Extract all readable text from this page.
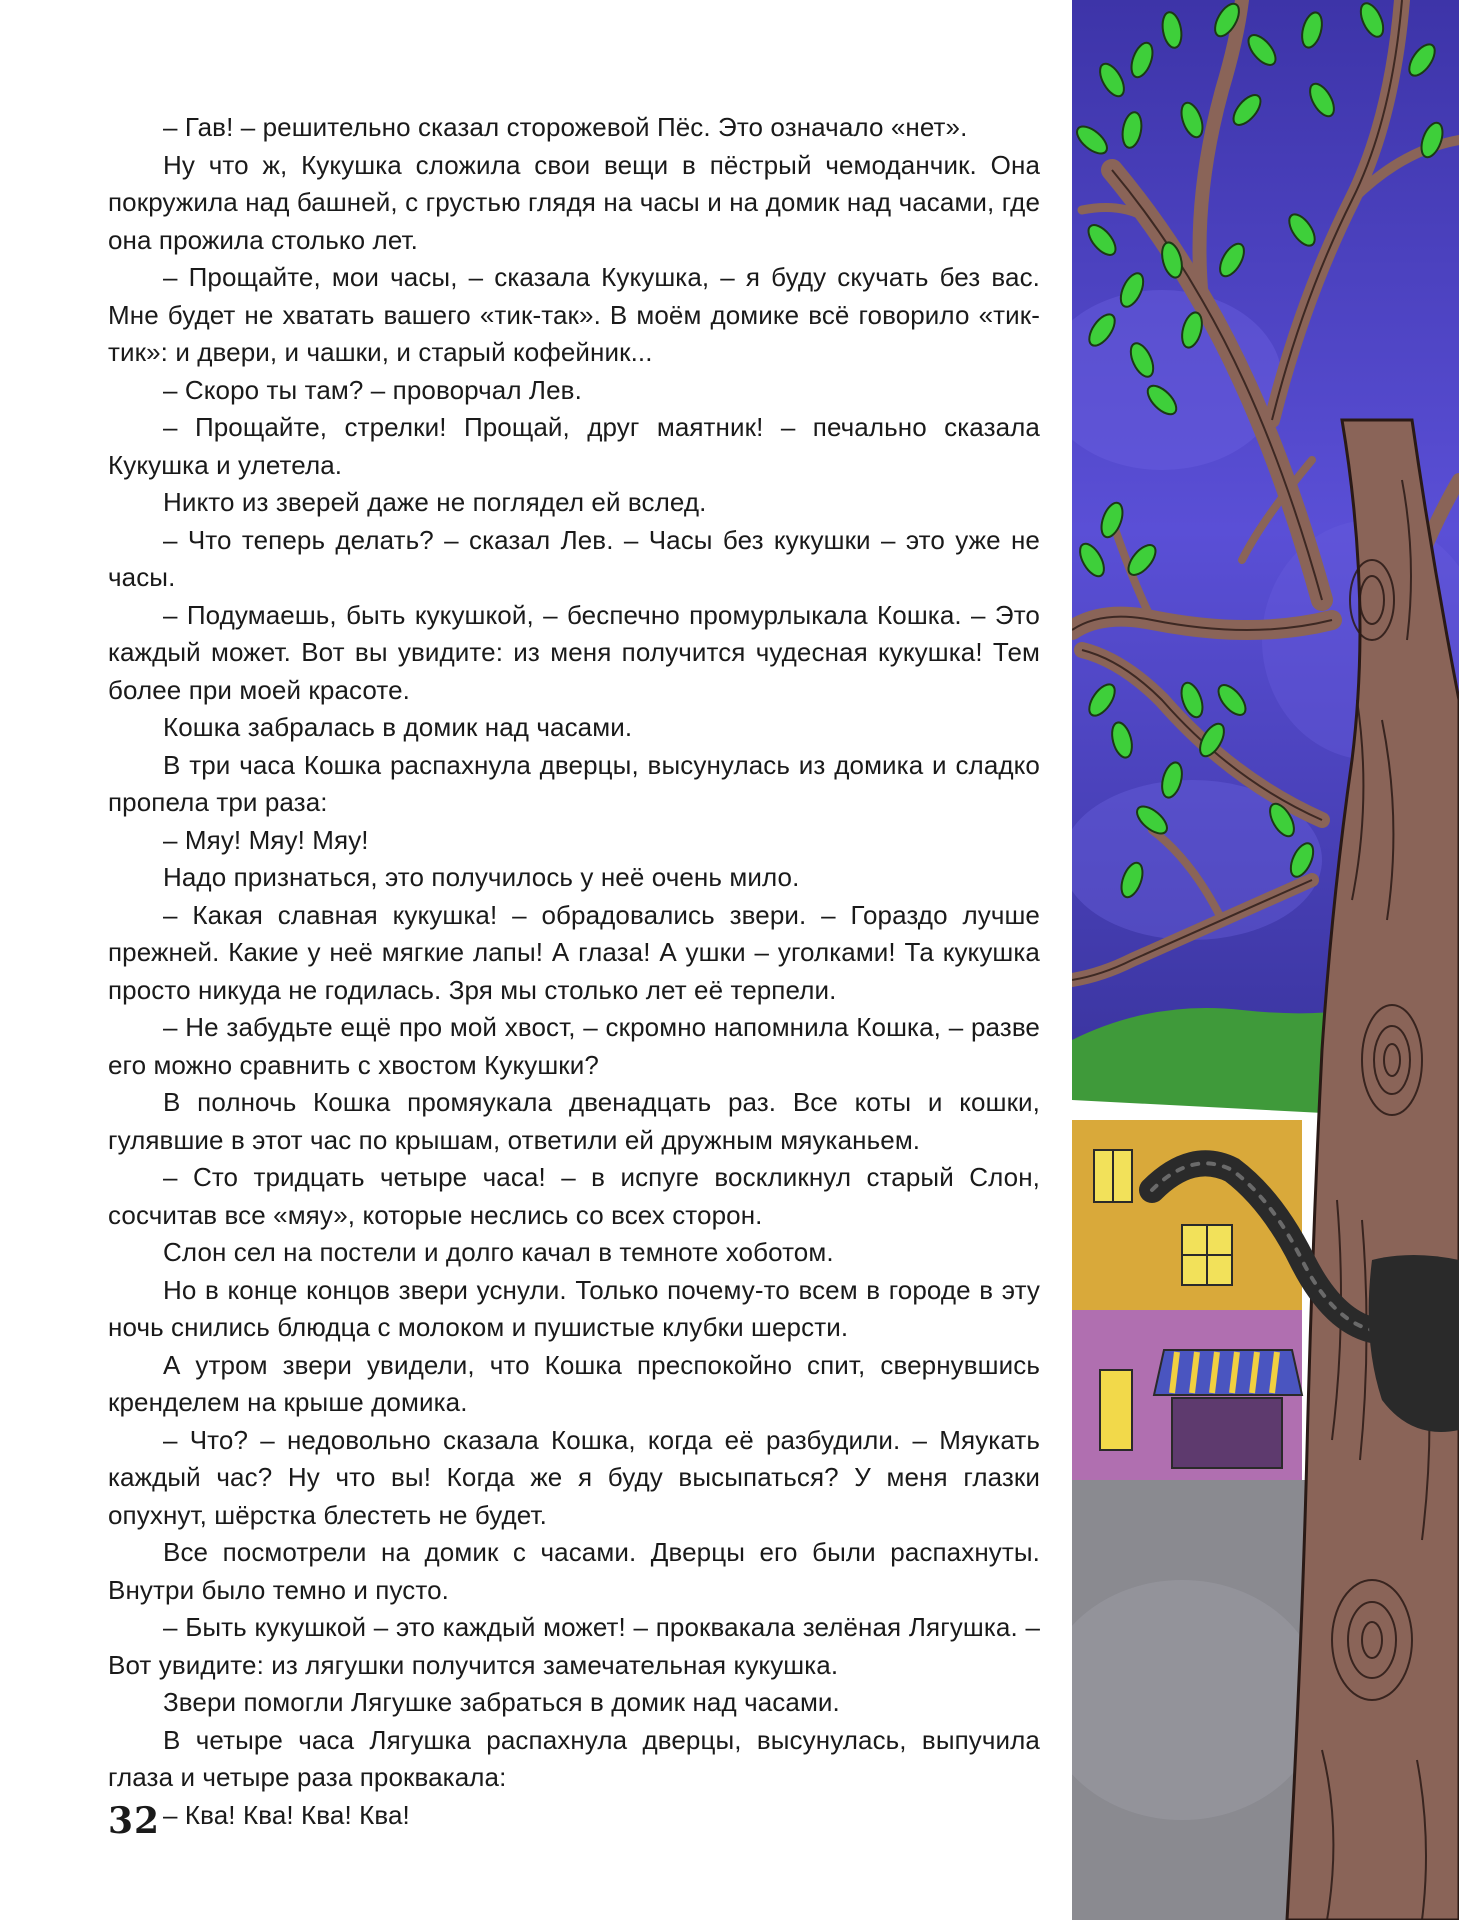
– Гав! – решительно сказал сторожевой Пёс. Это означало «нет».

Ну что ж, Кукушка сложила свои вещи в пёстрый чемоданчик. Она покружила над башней, с грустью глядя на часы и на домик над часами, где она прожила столько лет.

– Прощайте, мои часы, – сказала Кукушка, – я буду скучать без вас. Мне будет не хватать вашего «тик-так». В моём домике всё говорило «тик-тик»: и двери, и чашки, и старый кофейник...

– Скоро ты там? – проворчал Лев.

– Прощайте, стрелки! Прощай, друг маятник! – печально сказала Кукушка и улетела.

Никто из зверей даже не поглядел ей вслед.

– Что теперь делать? – сказал Лев. – Часы без кукушки – это уже не часы.

– Подумаешь, быть кукушкой, – беспечно промурлыкала Кошка. – Это каждый может. Вот вы увидите: из меня получится чудесная кукушка! Тем более при моей красоте.

Кошка забралась в домик над часами.

В три часа Кошка распахнула дверцы, высунулась из домика и сладко пропела три раза:

– Мяу! Мяу! Мяу!

Надо признаться, это получилось у неё очень мило.

– Какая славная кукушка! – обрадовались звери. – Гораздо лучше прежней. Какие у неё мягкие лапы! А глаза! А ушки – уголками! Та кукушка просто никуда не годилась. Зря мы столько лет её терпели.

– Не забудьте ещё про мой хвост, – скромно напомнила Кошка, – разве его можно сравнить с хвостом Кукушки?

В полночь Кошка промяукала двенадцать раз. Все коты и кошки, гулявшие в этот час по крышам, ответили ей дружным мяуканьем.

– Сто тридцать четыре часа! – в испуге воскликнул старый Слон, сосчитав все «мяу», которые неслись со всех сторон.

Слон сел на постели и долго качал в темноте хоботом.

Но в конце концов звери уснули. Только почему-то всем в городе в эту ночь снились блюдца с молоком и пушистые клубки шерсти.

А утром звери увидели, что Кошка преспокойно спит, свернувшись кренделем на крыше домика.

– Что? – недовольно сказала Кошка, когда её разбудили. – Мяукать каждый час? Ну что вы! Когда же я буду высыпаться? У меня глазки опухнут, шёрстка блестеть не будет.

Все посмотрели на домик с часами. Дверцы его были распахнуты. Внутри было темно и пусто.

– Быть кукушкой – это каждый может! – проквакала зелёная Лягушка. – Вот увидите: из лягушки получится замечательная кукушка.

Звери помогли Лягушке забраться в домик над часами.

В четыре часа Лягушка распахнула дверцы, высунулась, выпучила глаза и четыре раза проквакала:

– Ква! Ква! Ква! Ква!

32
